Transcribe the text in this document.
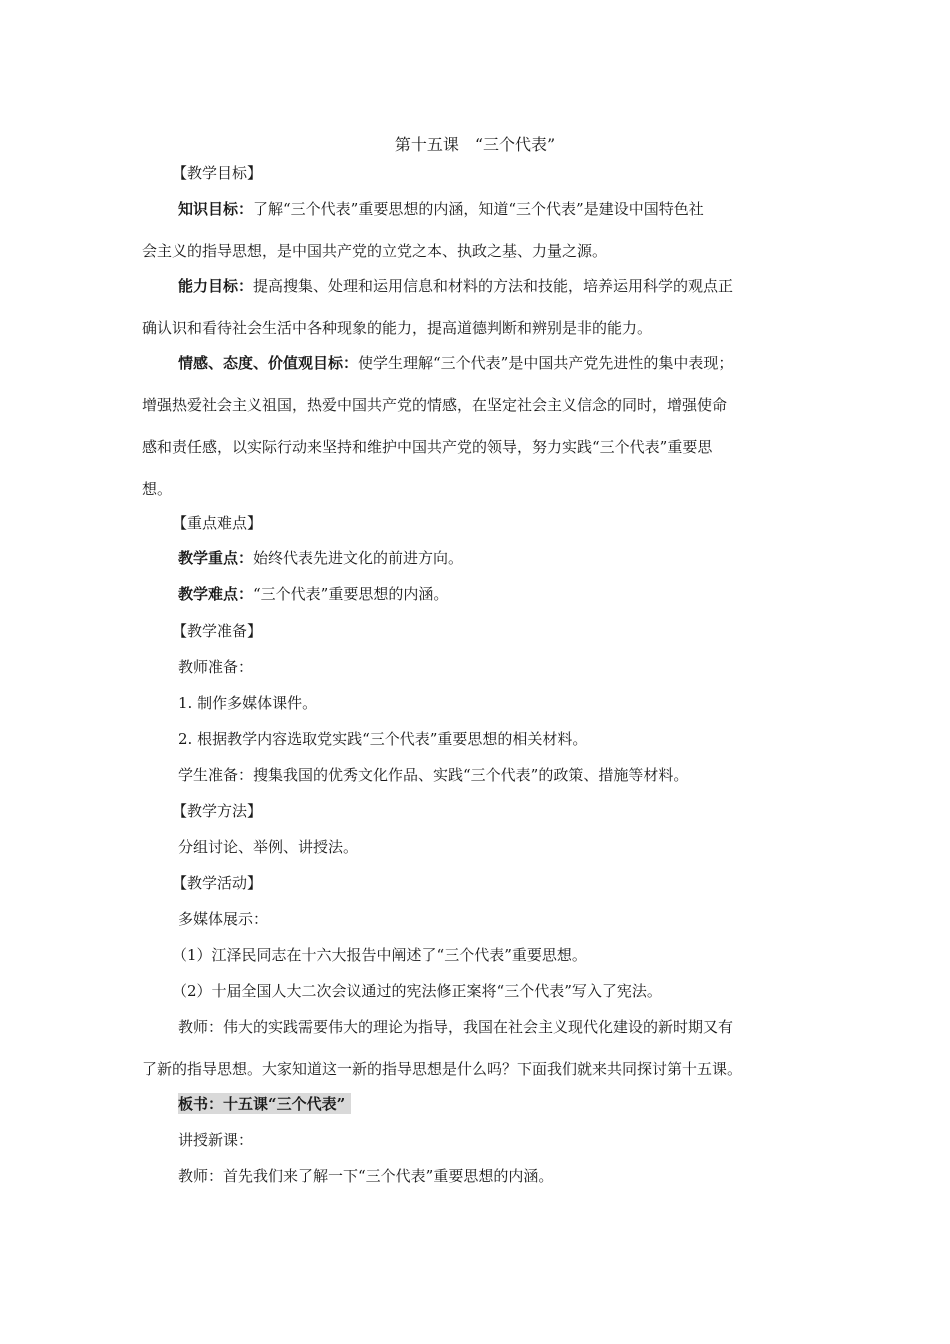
第十五课　“三个代表”
【教学目标】
知识目标：了解“三个代表”重要思想的内涵，知道“三个代表”是建设中国特色社
会主义的指导思想，是中国共产党的立党之本、执政之基、力量之源。
能力目标：提高搜集、处理和运用信息和材料的方法和技能，培养运用科学的观点正
确认识和看待社会生活中各种现象的能力，提高道德判断和辨别是非的能力。
情感、态度、价值观目标：使学生理解“三个代表”是中国共产党先进性的集中表现；
增强热爱社会主义祖国，热爱中国共产党的情感，在坚定社会主义信念的同时，增强使命
感和责任感，以实际行动来坚持和维护中国共产党的领导，努力实践“三个代表”重要思
想。
【重点难点】
教学重点：始终代表先进文化的前进方向。
教学难点：“三个代表”重要思想的内涵。
【教学准备】
教师准备：
1. 制作多媒体课件。
2. 根据教学内容选取党实践“三个代表”重要思想的相关材料。
学生准备：搜集我国的优秀文化作品、实践“三个代表”的政策、措施等材料。
【教学方法】
分组讨论、举例、讲授法。
【教学活动】
多媒体展示：
（1）江泽民同志在十六大报告中阐述了“三个代表”重要思想。
（2）十届全国人大二次会议通过的宪法修正案将“三个代表”写入了宪法。
教师：伟大的实践需要伟大的理论为指导，我国在社会主义现代化建设的新时期又有
了新的指导思想。大家知道这一新的指导思想是什么吗？下面我们就来共同探讨第十五课。
板书：十五课“三个代表”
讲授新课：
教师：首先我们来了解一下“三个代表”重要思想的内涵。
